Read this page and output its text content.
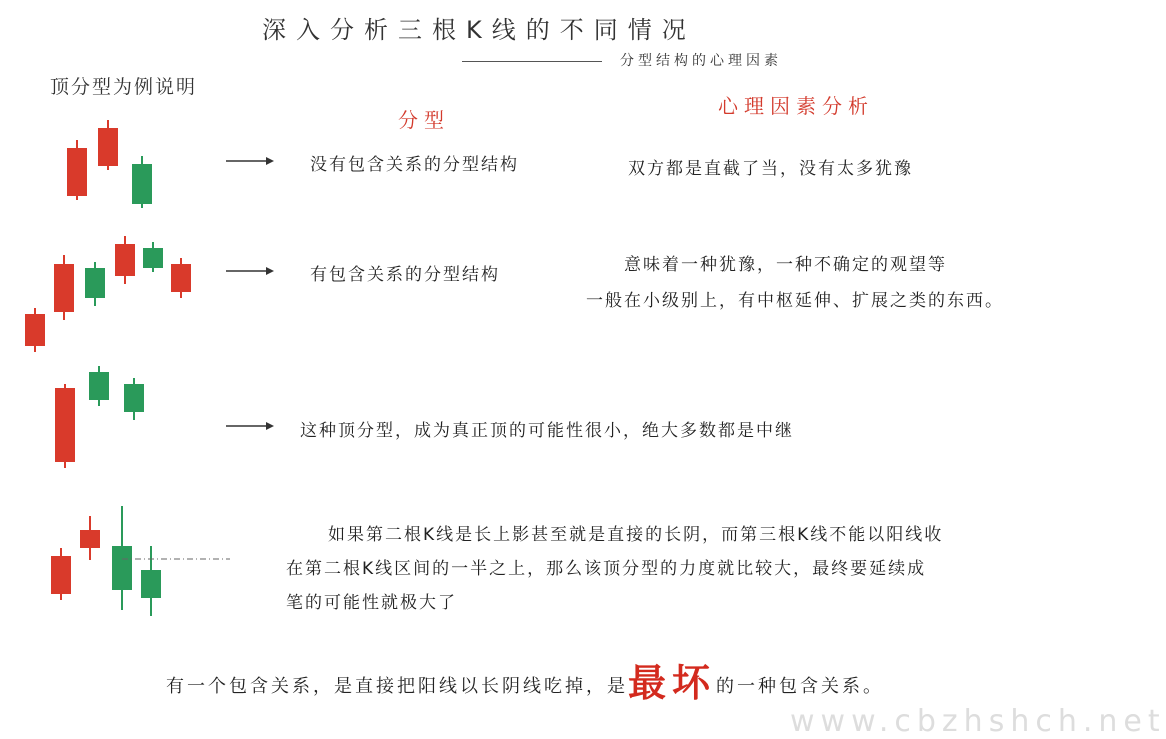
深入分析三根K线的不同情况
分型结构的心理因素
顶分型为例说明
分型
心理因素分析
没有包含关系的分型结构	双方都是直截了当，没有太多犹豫
有包含关系的分型结构	意味着一种犹豫，一种不确定的观望等
一般在小级别上，有中枢延伸、扩展之类的东西。
这种顶分型，成为真正顶的可能性很小，绝大多数都是中继
如果第二根K线是长上影甚至就是直接的长阴，而第三根K线不能以阳线收
在第二根K线区间的一半之上，那么该顶分型的力度就比较大，最终要延续成
笔的可能性就极大了
有一个包含关系，是直接把阳线以长阴线吃掉，是最坏的一种包含关系。
www.cbzhshch.net
